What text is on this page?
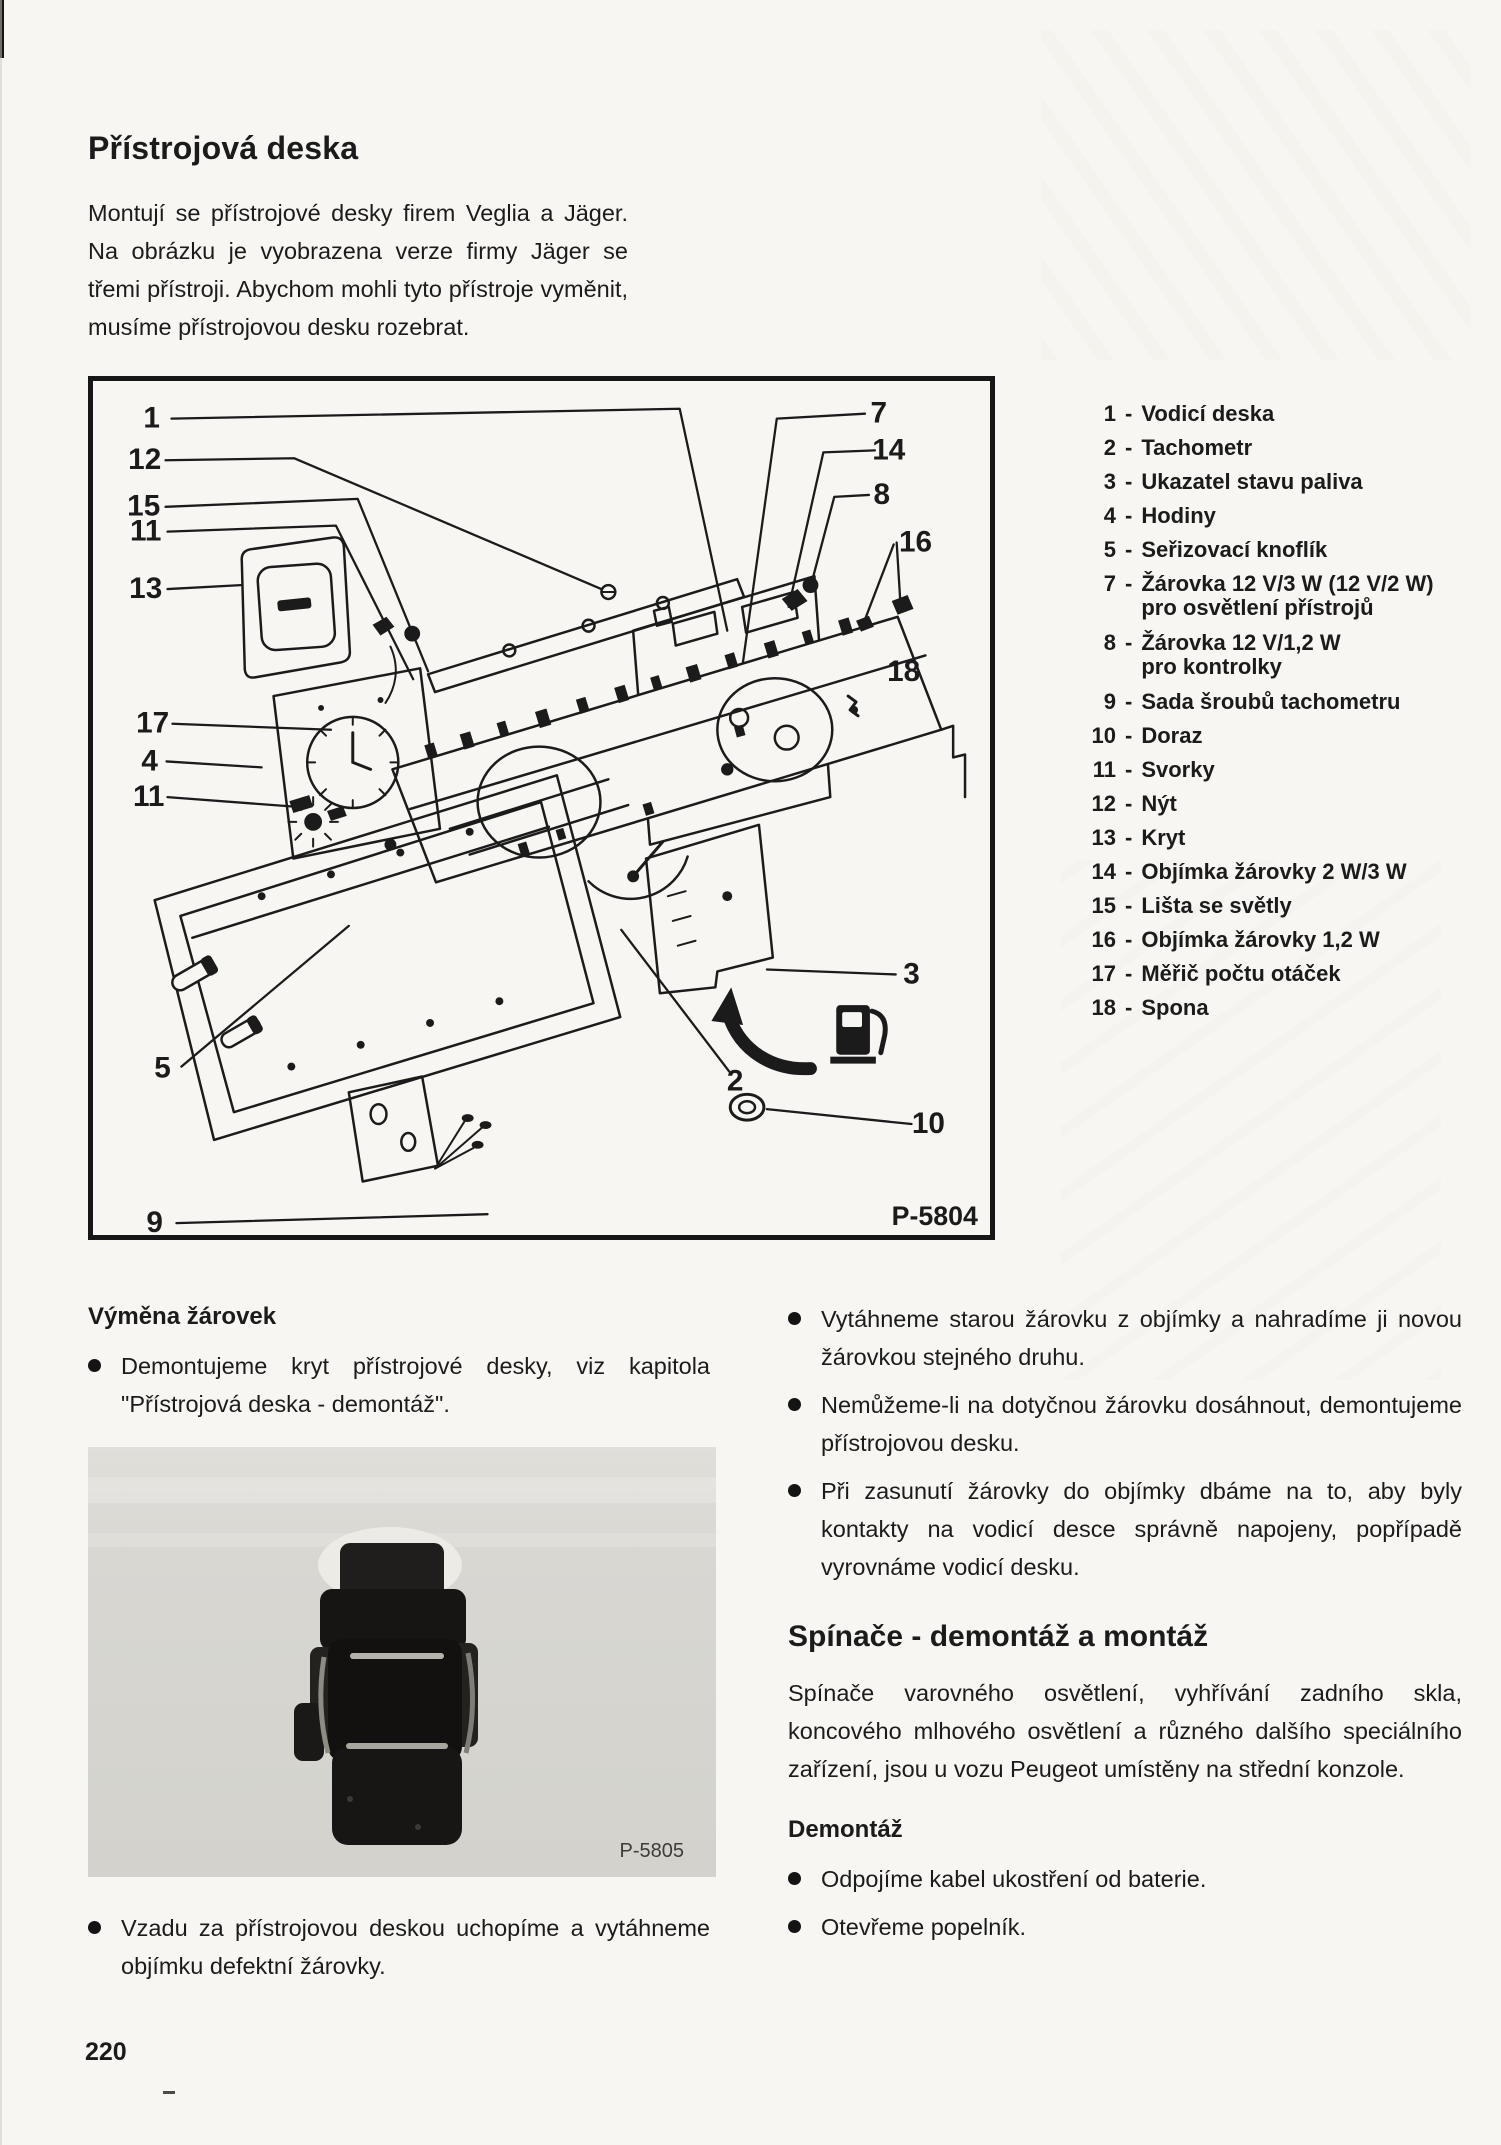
Přístrojová deska

Montují se přístrojové desky firem Veglia a Jäger. Na obrázku je vyobrazena verze firmy Jäger se třemi přístroji. Abychom mohli tyto přístroje vyměnit, musíme přístrojovou desku rozebrat.

1
12
15
11
13
17
4
11
5
9
7
14
8
16
18
3
2
10
P-5804
1 - Vodicí deska
2 - Tachometr
3 - Ukazatel stavu paliva
4 - Hodiny
5 - Seřizovací knoflík
7 - Žárovka 12 V/3 W (12 V/2 W)
pro osvětlení přístrojů
8 - Žárovka 12 V/1,2 W
pro kontrolky
9 - Sada šroubů tachometru
10 - Doraz
11 - Svorky
12 - Nýt
13 - Kryt
14 - Objímka žárovky 2 W/3 W
15 - Lišta se světly
16 - Objímka žárovky 1,2 W
17 - Měřič počtu otáček
18 - Spona
Výměna žárovek
Demontujeme kryt přístrojové desky, viz kapitola "Přístrojová deska - demontáž".
P-5805
Vzadu za přístrojovou deskou uchopíme a vytáhneme objímku defektní žárovky.
Vytáhneme starou žárovku z objímky a nahradíme ji novou žárovkou stejného druhu.
Nemůžeme-li na dotyčnou žárovku dosáhnout, demontujeme přístrojovou desku.
Při zasunutí žárovky do objímky dbáme na to, aby byly kontakty na vodicí desce správně napojeny, popřípadě vyrovnáme vodicí desku.
Spínače - demontáž a montáž

Spínače varovného osvětlení, vyhřívání zadního skla, koncového mlhového osvětlení a různého dalšího speciálního zařízení, jsou u vozu Peugeot umístěny na střední konzole.

Demontáž
Odpojíme kabel ukostření od baterie.
Otevřeme popelník.
220
